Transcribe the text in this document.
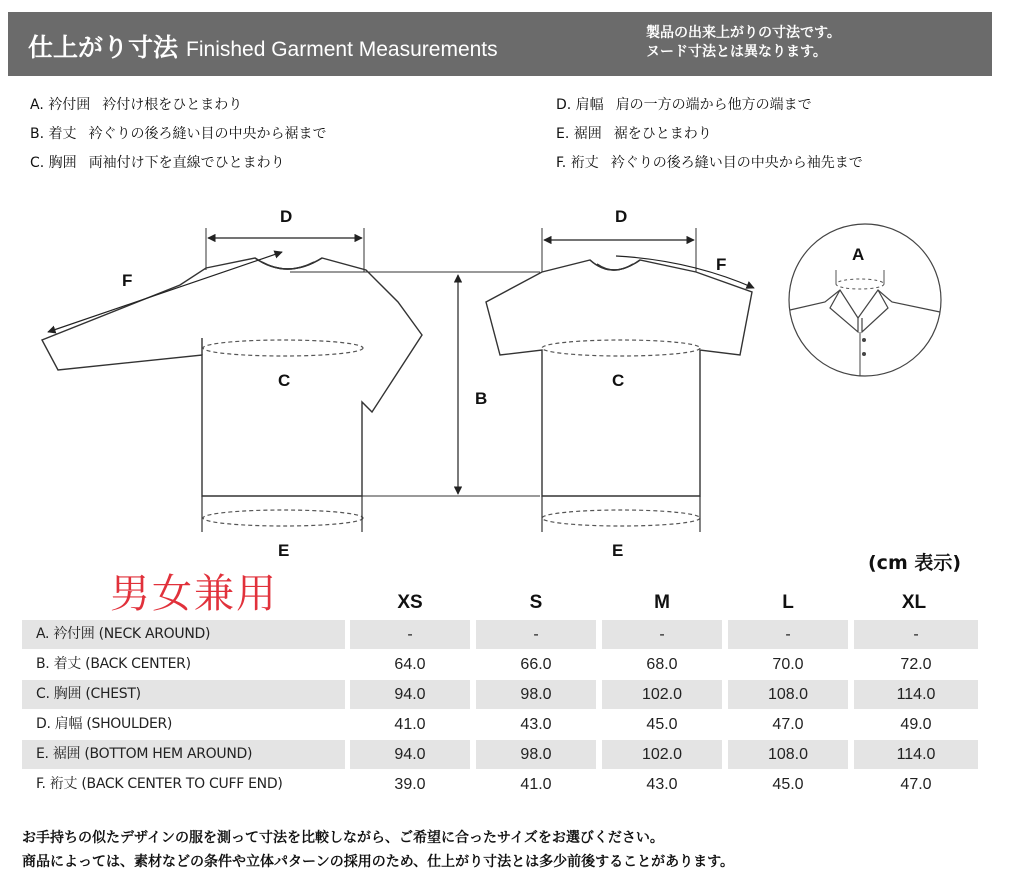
仕上がり寸法 Finished Garment Measurements
製品の出来上がりの寸法です。
ヌード寸法とは異なります。
A. 衿付囲 衿付け根をひとまわり
B. 着丈 衿ぐりの後ろ縫い目の中央から裾まで
C. 胸囲 両袖付け下を直線でひとまわり
D. 肩幅 肩の一方の端から他方の端まで
E. 裾囲 裾をひとまわり
F. 裄丈 衿ぐりの後ろ縫い目の中央から袖先まで
D	D
F
F
A
C	C
B
E	E
(cm 表示)
男女兼用	XS	S	M	L	XL
A. 衿付囲 (NECK AROUND)	-	-	-	-	-
B. 着丈 (BACK CENTER)	64.0	66.0	68.0	70.0	72.0
C. 胸囲 (CHEST)	94.0	98.0	102.0	108.0	114.0
D. 肩幅 (SHOULDER)	41.0	43.0	45.0	47.0	49.0
E. 裾囲 (BOTTOM HEM AROUND)	94.0	98.0	102.0	108.0	114.0
F. 裄丈 (BACK CENTER TO CUFF END)	39.0	41.0	43.0	45.0	47.0
お手持ちの似たデザインの服を測って寸法を比較しながら、ご希望に合ったサイズをお選びください。
商品によっては、素材などの条件や立体パターンの採用のため、仕上がり寸法とは多少前後することがあります。
